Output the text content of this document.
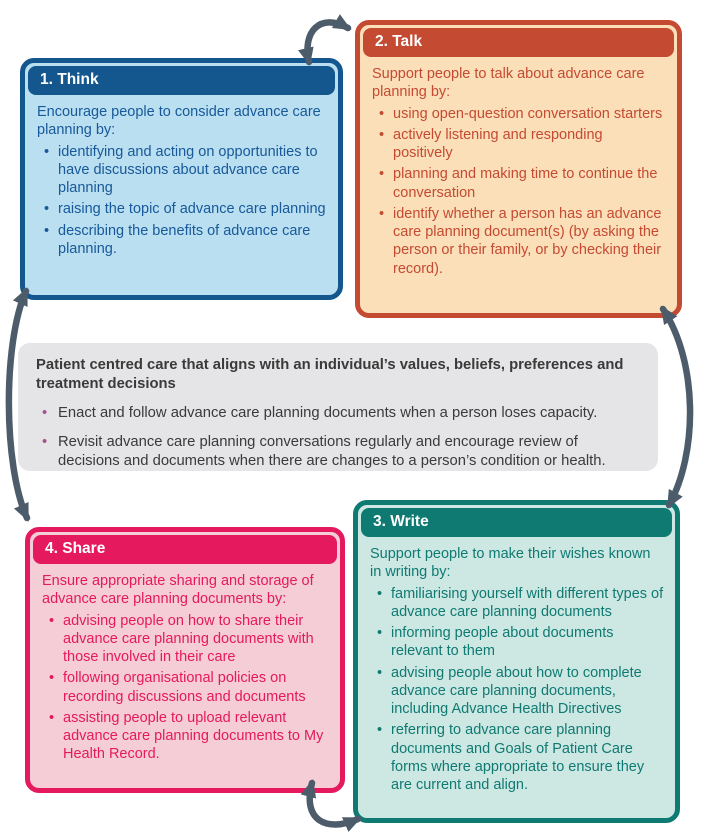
1. Think

Encourage people to consider advance care planning by:

• identifying and acting on opportunities to have discussions about advance care planning
• raising the topic of advance care planning
• describing the benefits of advance care planning.
2. Talk

Support people to talk about advance care planning by:

• using open-question conversation starters
• actively listening and responding positively
• planning and making time to continue the conversation
• identify whether a person has an advance care planning document(s) (by asking the person or their family, or by checking their record).
Patient centred care that aligns with an individual’s values, beliefs, preferences and treatment decisions
• Enact and follow advance care planning documents when a person loses capacity.
• Revisit advance care planning conversations regularly and encourage review of decisions and documents when there are changes to a person’s condition or health.
4. Share

Ensure appropriate sharing and storage of advance care planning documents by:

• advising people on how to share their advance care planning documents with those involved in their care
• following organisational policies on recording discussions and documents
• assisting people to upload relevant advance care planning documents to My Health Record.
3. Write

Support people to make their wishes known in writing by:

• familiarising yourself with different types of advance care planning documents
• informing people about documents relevant to them
• advising people about how to complete advance care planning documents, including Advance Health Directives
• referring to advance care planning documents and Goals of Patient Care forms where appropriate to ensure they are current and align.
